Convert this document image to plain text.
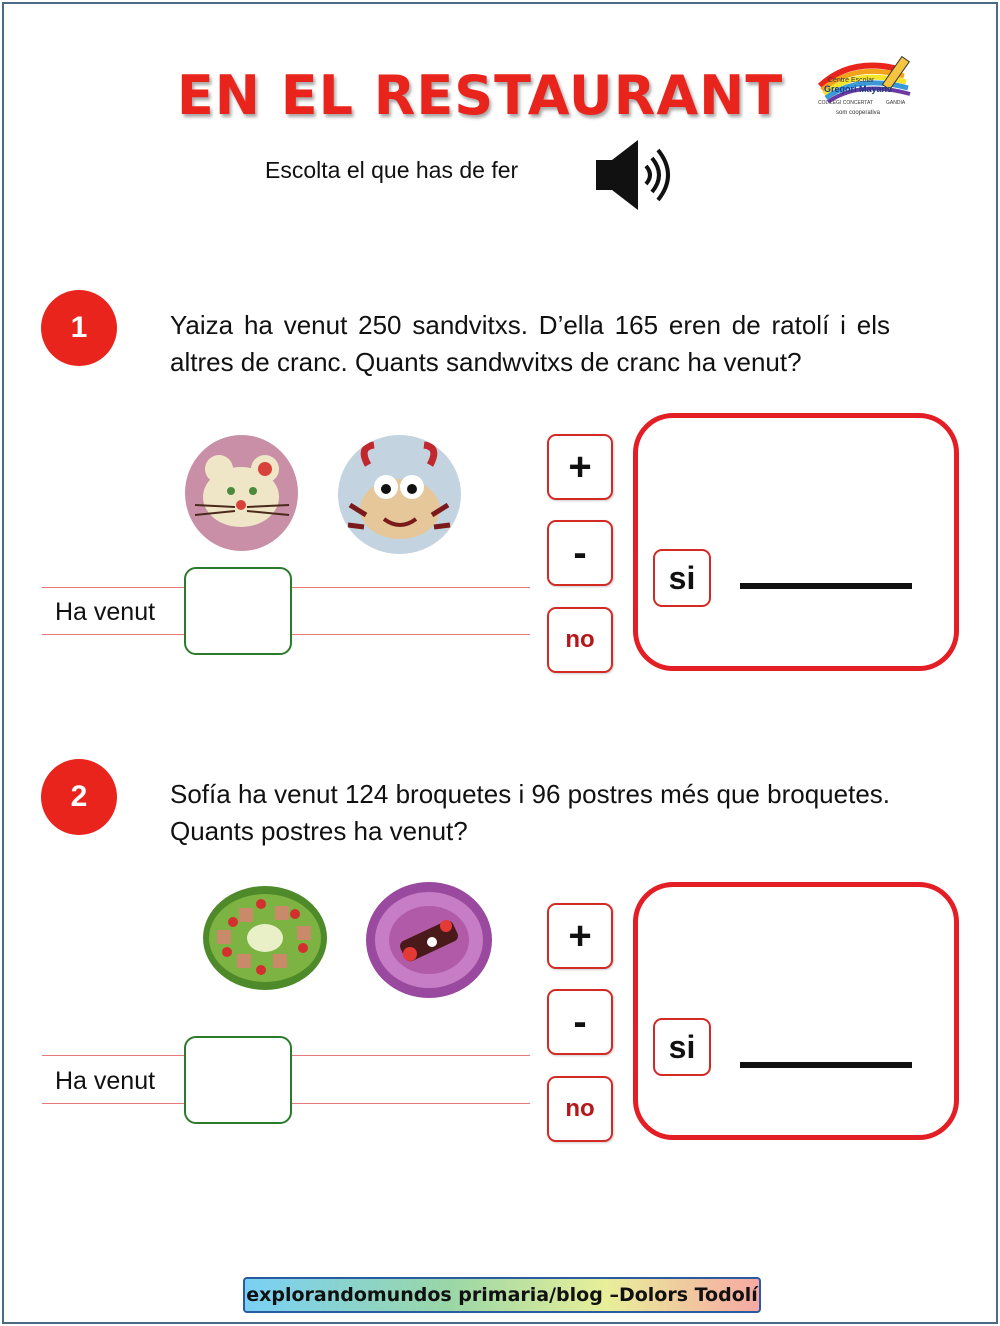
EN EL RESTAURANT	Centre Escolar
Gregori Mayans
COL·LEGI CONCERTAT	GANDIA
som cooperativa
Escolta el que has de fer
1	Yaiza ha venut 250 sandvitxs. D’ella 165 eren de ratolí i els altres de cranc. Quants sandwvitxs de cranc ha venut?
Ha venut
+
-
no
si
2	Sofía ha venut 124 broquetes i 96 postres més que broquetes. Quants postres ha venut?
Ha venut
+
-
no
si
explorandomundos primaria/blog –Dolors Todolí
